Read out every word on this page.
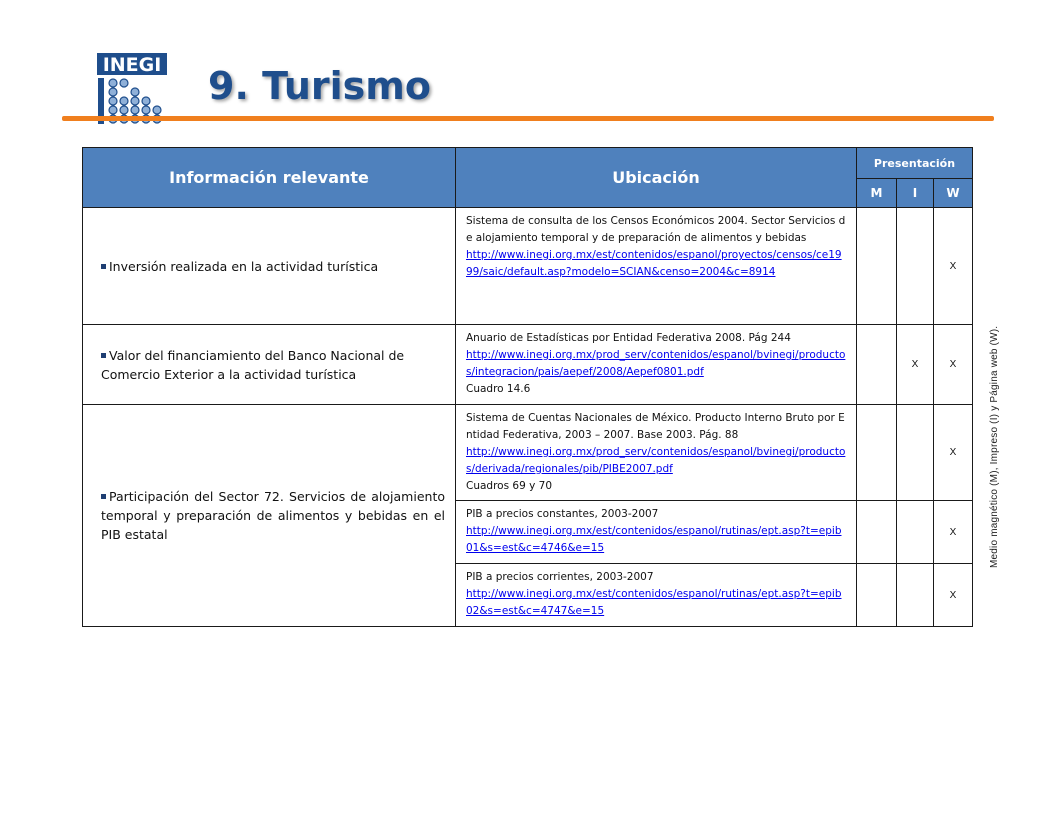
INEGI 9. Turismo
Medio magnético (M), Impreso (I) y Página web (W).
Información relevante	Ubicación	Presentación		
		M	I	W
Inversión realizada en la actividad turística	Sistema de consulta de los Censos Económicos 2004. Sector Servicios de alojamiento temporal y de preparación de alimentos y bebidas
http://www.inegi.org.mx/est/contenidos/espanol/proyectos/censos/ce1999/saic/default.asp?modelo=SCIAN&censo=2004&c=8914			X
Valor del financiamiento del Banco Nacional de Comercio Exterior a la actividad turística	Anuario de Estadísticas por Entidad Federativa 2008. Pág 244
http://www.inegi.org.mx/prod_serv/contenidos/espanol/bvinegi/productos/integracion/pais/aepef/2008/Aepef0801.pdf
Cuadro 14.6		X	X
Participación del Sector 72. Servicios de alojamiento temporal y preparación de alimentos y bebidas en el PIB estatal	Sistema de Cuentas Nacionales de México. Producto Interno Bruto por Entidad Federativa, 2003 – 2007. Base 2003. Pág. 88
http://www.inegi.org.mx/prod_serv/contenidos/espanol/bvinegi/productos/derivada/regionales/pib/PIBE2007.pdf
Cuadros 69 y 70			X
	PIB a precios constantes, 2003-2007
http://www.inegi.org.mx/est/contenidos/espanol/rutinas/ept.asp?t=epib01&s=est&c=4746&e=15			X
	PIB a precios corrientes, 2003-2007
http://www.inegi.org.mx/est/contenidos/espanol/rutinas/ept.asp?t=epib02&s=est&c=4747&e=15			X
